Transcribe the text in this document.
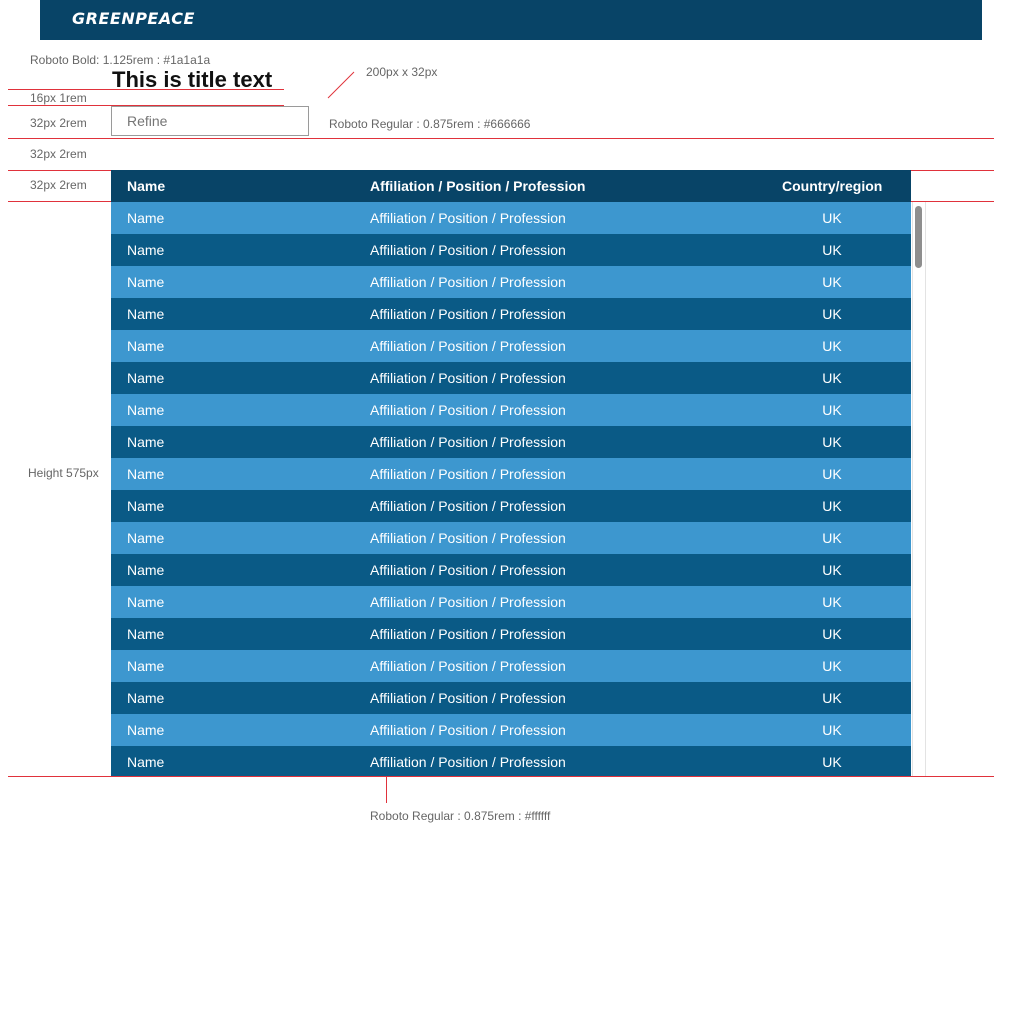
GREENPEACE
Roboto Bold: 1.125rem : #1a1a1a
200px x 32px
16px 1rem
32px 2rem	Roboto Regular : 0.875rem : #666666
32px 2rem
32px 2rem
Height 575px
Roboto Regular : 0.875rem : #ffffff
This is title text
Refine
Name	Affiliation / Position / Profession	Country/region
Name	Affiliation / Position / Profession	UK
Name	Affiliation / Position / Profession	UK
Name	Affiliation / Position / Profession	UK
Name	Affiliation / Position / Profession	UK
Name	Affiliation / Position / Profession	UK
Name	Affiliation / Position / Profession	UK
Name	Affiliation / Position / Profession	UK
Name	Affiliation / Position / Profession	UK
Name	Affiliation / Position / Profession	UK
Name	Affiliation / Position / Profession	UK
Name	Affiliation / Position / Profession	UK
Name	Affiliation / Position / Profession	UK
Name	Affiliation / Position / Profession	UK
Name	Affiliation / Position / Profession	UK
Name	Affiliation / Position / Profession	UK
Name	Affiliation / Position / Profession	UK
Name	Affiliation / Position / Profession	UK
Name	Affiliation / Position / Profession	UK
